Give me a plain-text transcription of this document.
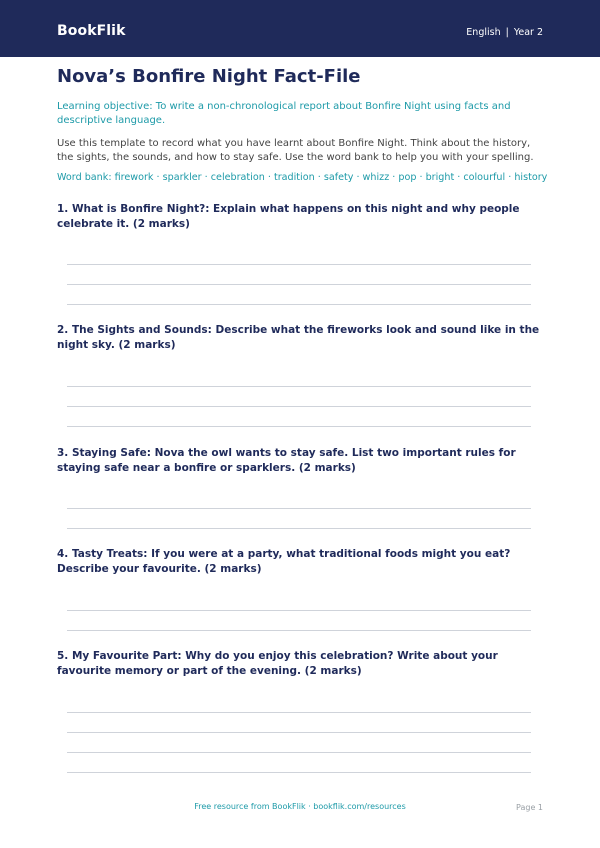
BookFlik	English | Year 2
Nova’s Bonfire Night Fact-File
Learning objective: To write a non-chronological report about Bonfire Night using facts and descriptive language.
Use this template to record what you have learnt about Bonfire Night. Think about the history, the sights, the sounds, and how to stay safe. Use the word bank to help you with your spelling.
Word bank: firework · sparkler · celebration · tradition · safety · whizz · pop · bright · colourful · history
1. What is Bonfire Night?: Explain what happens on this night and why people celebrate it. (2 marks)
2. The Sights and Sounds: Describe what the fireworks look and sound like in the night sky. (2 marks)
3. Staying Safe: Nova the owl wants to stay safe. List two important rules for staying safe near a bonfire or sparklers. (2 marks)
4. Tasty Treats: If you were at a party, what traditional foods might you eat? Describe your favourite. (2 marks)
5. My Favourite Part: Why do you enjoy this celebration? Write about your favourite memory or part of the evening. (2 marks)
Free resource from BookFlik · bookflik.com/resources	Page 1
